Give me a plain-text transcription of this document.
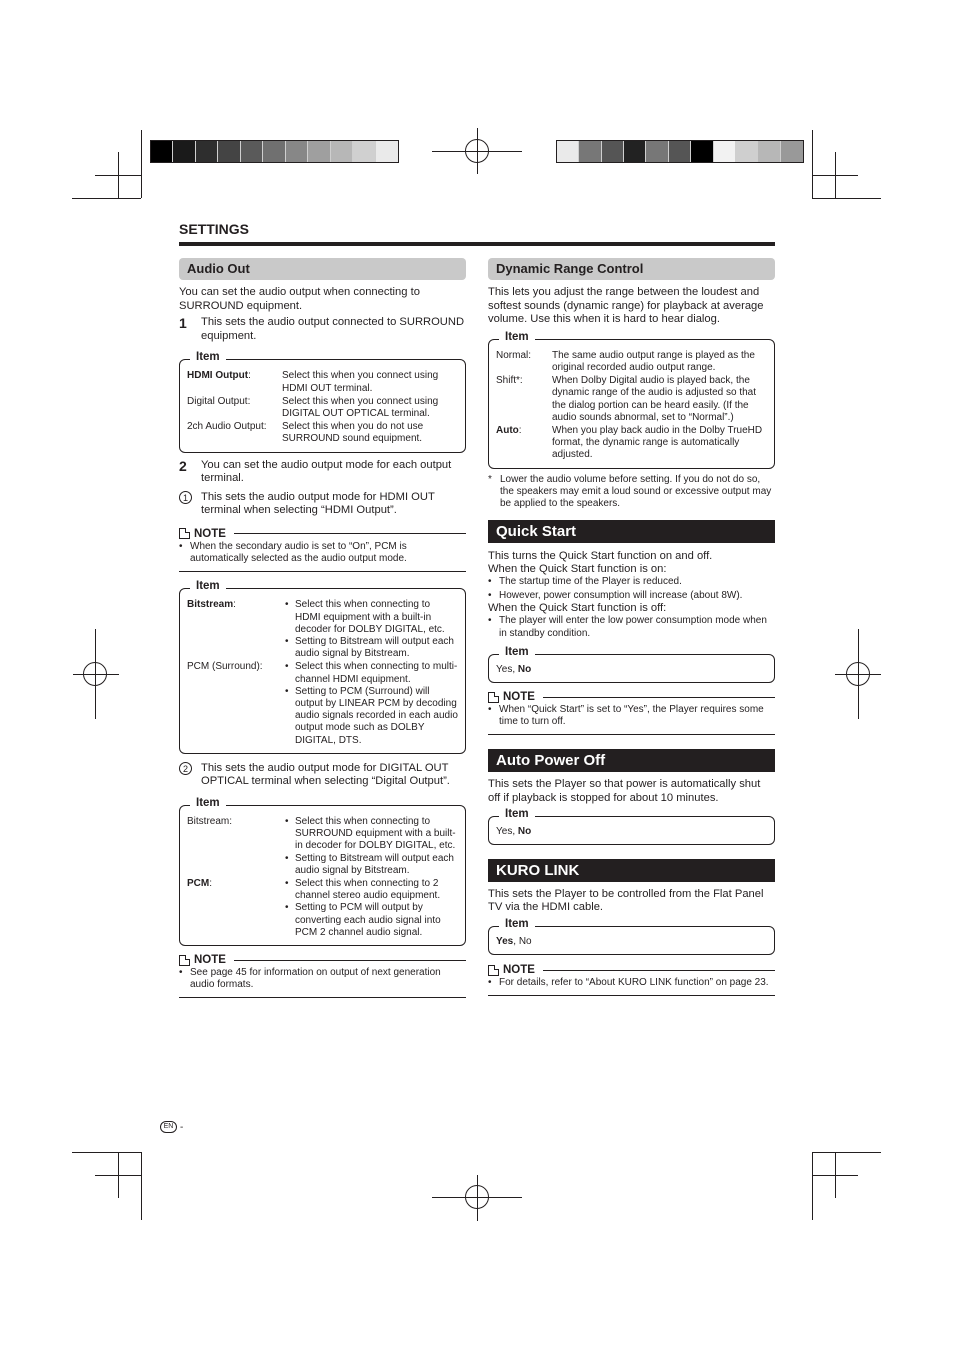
SETTINGS
Audio Out
You can set the audio output when connecting to SURROUND equipment.
1	This sets the audio output connected to SURROUND equipment.
Item
HDMI Output:	Select this when you connect using HDMI OUT terminal.
Digital Output:	Select this when you connect using DIGITAL OUT OPTICAL terminal.
2ch Audio Output:	Select this when you do not use SURROUND sound equipment.
2	You can set the audio output mode for each output terminal.
1	This sets the audio output mode for HDMI OUT terminal when selecting “HDMI Output”.
NOTE
• When the secondary audio is set to “On”, PCM is automatically selected as the audio output mode.
Item
Bitstream:	• Select this when connecting to HDMI equipment with a built-in decoder for DOLBY DIGITAL, etc.
• Setting to Bitstream will output each audio signal by Bitstream.
PCM (Surround):	• Select this when connecting to multi-channel HDMI equipment.
• Setting to PCM (Surround) will output by LINEAR PCM by decoding audio signals recorded in each audio output mode such as DOLBY DIGITAL, DTS.
2	This sets the audio output mode for DIGITAL OUT OPTICAL terminal when selecting “Digital Output”.
Item
Bitstream:	• Select this when connecting to SURROUND equipment with a built-in decoder for DOLBY DIGITAL, etc.
• Setting to Bitstream will output each audio signal by Bitstream.
PCM:	• Select this when connecting to 2 channel stereo audio equipment.
• Setting to PCM will output by converting each audio signal into PCM 2 channel audio signal.
NOTE
• See page 45 for information on output of next generation audio formats.
Dynamic Range Control
This lets you adjust the range between the loudest and softest sounds (dynamic range) for playback at average volume. Use this when it is hard to hear dialog.
Item
Normal:	The same audio output range is played as the original recorded audio output range.
Shift*:	When Dolby Digital audio is played back, the dynamic range of the audio is adjusted so that the dialog portion can be heard easily. (If the audio sounds abnormal, set to “Normal”.)
Auto:	When you play back audio in the Dolby TrueHD format, the dynamic range is automatically adjusted.
* Lower the audio volume before setting. If you do not do so, the speakers may emit a loud sound or excessive output may be applied to the speakers.
Quick Start
This turns the Quick Start function on and off.
When the Quick Start function is on:
• The startup time of the Player is reduced.
• However, power consumption will increase (about 8W).
When the Quick Start function is off:
• The player will enter the low power consumption mode when in standby condition.
Item
Yes, No
NOTE
• When “Quick Start” is set to “Yes”, the Player requires some time to turn off.
Auto Power Off
This sets the Player so that power is automatically shut off if playback is stopped for about 10 minutes.
Item
Yes, No
KURO LINK
This sets the Player to be controlled from the Flat Panel TV via the HDMI cable.
Item
Yes, No
NOTE
• For details, refer to “About KURO LINK function” on page 23.
EN -
